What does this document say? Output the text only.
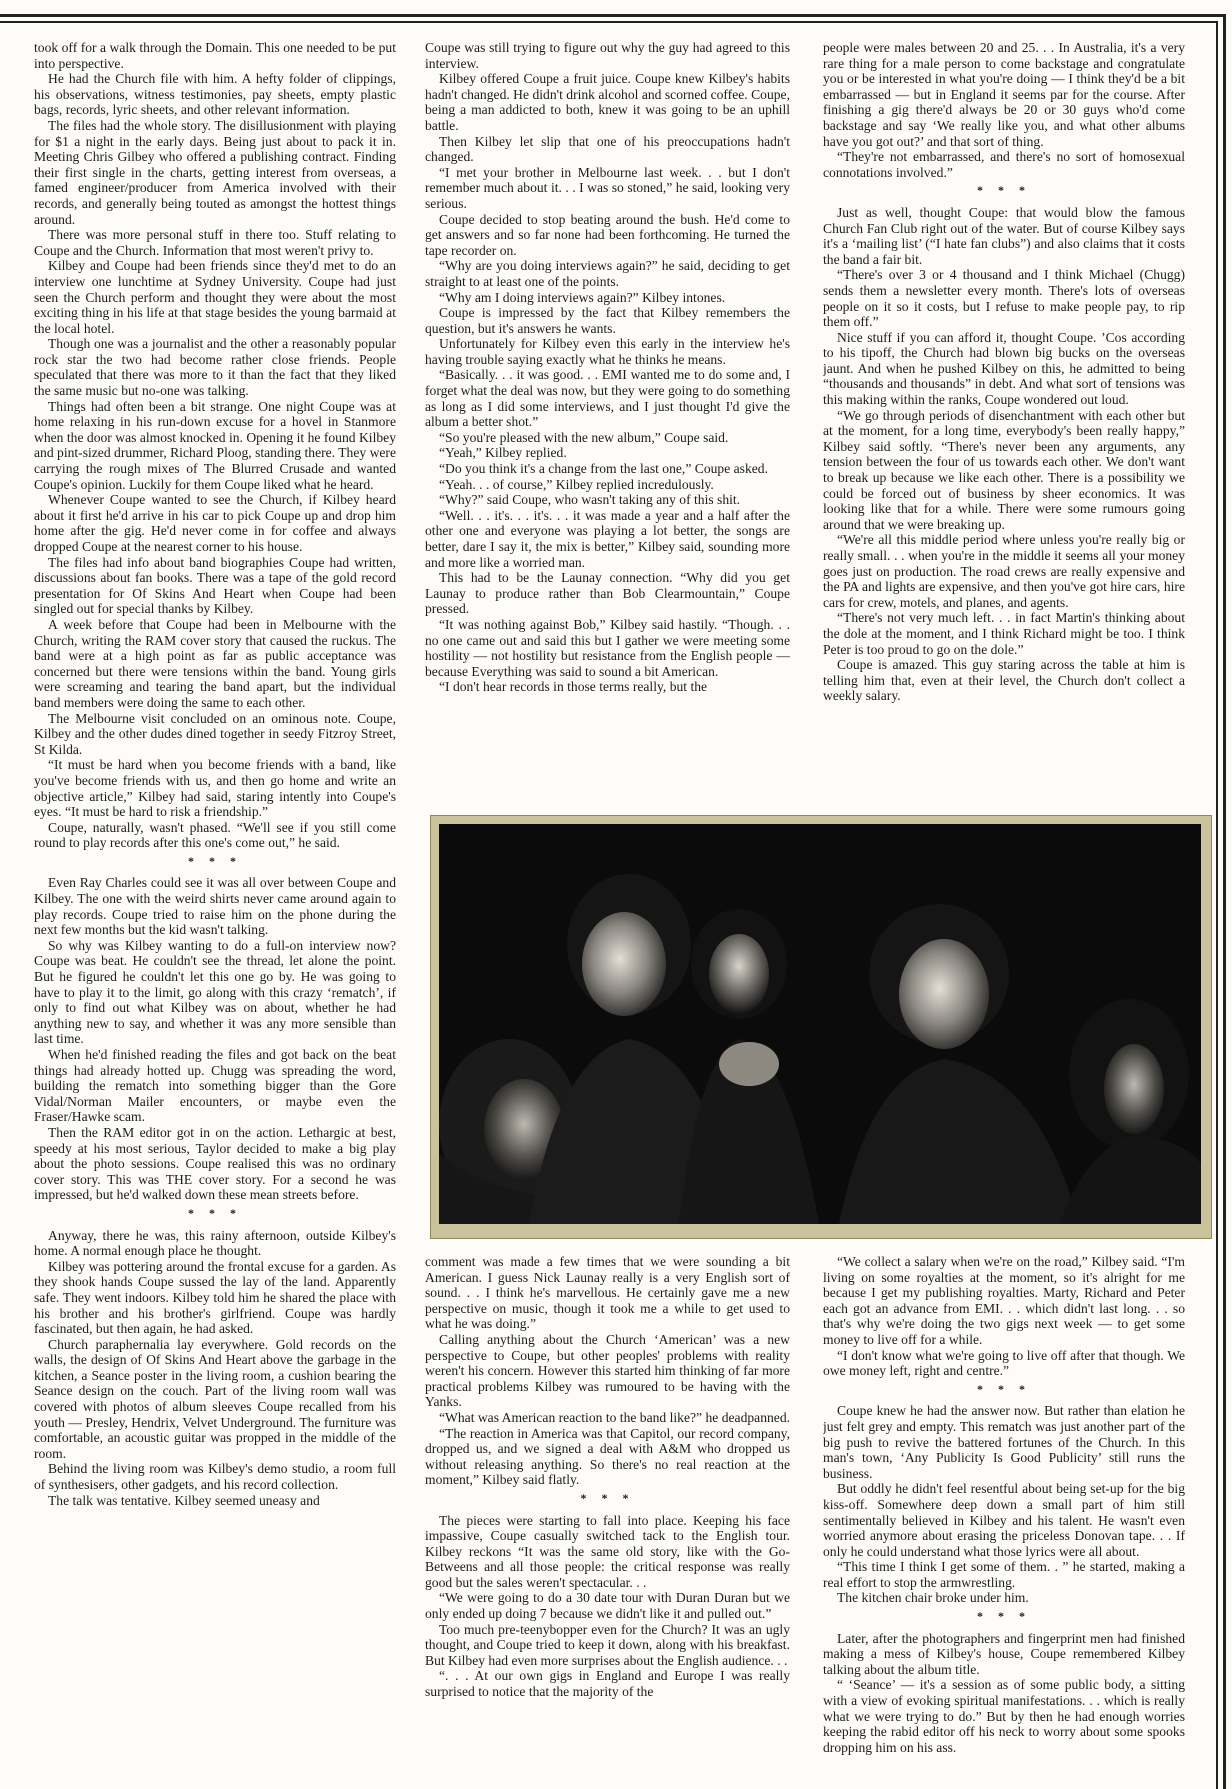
took off for a walk through the Domain. This one needed to be put into perspective.

He had the Church file with him. A hefty folder of clippings, his observations, witness testimonies, pay sheets, empty plastic bags, records, lyric sheets, and other relevant information.

The files had the whole story. The disillusionment with playing for $1 a night in the early days. Being just about to pack it in. Meeting Chris Gilbey who offered a publishing contract. Finding their first single in the charts, getting interest from overseas, a famed engineer/producer from America involved with their records, and generally being touted as amongst the hottest things around.

There was more personal stuff in there too. Stuff relating to Coupe and the Church. Information that most weren't privy to.

Kilbey and Coupe had been friends since they'd met to do an interview one lunchtime at Sydney University. Coupe had just seen the Church perform and thought they were about the most exciting thing in his life at that stage besides the young barmaid at the local hotel.

Though one was a journalist and the other a reasonably popular rock star the two had become rather close friends. People speculated that there was more to it than the fact that they liked the same music but no-one was talking.

Things had often been a bit strange. One night Coupe was at home relaxing in his run-down excuse for a hovel in Stanmore when the door was almost knocked in. Opening it he found Kilbey and pint-sized drummer, Richard Ploog, standing there. They were carrying the rough mixes of The Blurred Crusade and wanted Coupe's opinion. Luckily for them Coupe liked what he heard.

Whenever Coupe wanted to see the Church, if Kilbey heard about it first he'd arrive in his car to pick Coupe up and drop him home after the gig. He'd never come in for coffee and always dropped Coupe at the nearest corner to his house.

The files had info about band biographies Coupe had written, discussions about fan books. There was a tape of the gold record presentation for Of Skins And Heart when Coupe had been singled out for special thanks by Kilbey.

A week before that Coupe had been in Melbourne with the Church, writing the RAM cover story that caused the ruckus. The band were at a high point as far as public acceptance was concerned but there were tensions within the band. Young girls were screaming and tearing the band apart, but the individual band members were doing the same to each other.

The Melbourne visit concluded on an ominous note. Coupe, Kilbey and the other dudes dined together in seedy Fitzroy Street, St Kilda.

“It must be hard when you become friends with a band, like you've become friends with us, and then go home and write an objective article,” Kilbey had said, staring intently into Coupe's eyes. “It must be hard to risk a friendship.”

Coupe, naturally, wasn't phased. “We'll see if you still come round to play records after this one's come out,” he said.

* * *

Even Ray Charles could see it was all over between Coupe and Kilbey. The one with the weird shirts never came around again to play records. Coupe tried to raise him on the phone during the next few months but the kid wasn't talking.

So why was Kilbey wanting to do a full-on interview now? Coupe was beat. He couldn't see the thread, let alone the point. But he figured he couldn't let this one go by. He was going to have to play it to the limit, go along with this crazy ‘rematch’, if only to find out what Kilbey was on about, whether he had anything new to say, and whether it was any more sensible than last time.

When he'd finished reading the files and got back on the beat things had already hotted up. Chugg was spreading the word, building the rematch into something bigger than the Gore Vidal/Norman Mailer encounters, or maybe even the Fraser/Hawke scam.

Then the RAM editor got in on the action. Lethargic at best, speedy at his most serious, Taylor decided to make a big play about the photo sessions. Coupe realised this was no ordinary cover story. This was THE cover story. For a second he was impressed, but he'd walked down these mean streets before.

* * *

Anyway, there he was, this rainy afternoon, outside Kilbey's home. A normal enough place he thought.

Kilbey was pottering around the frontal excuse for a garden. As they shook hands Coupe sussed the lay of the land. Apparently safe. They went indoors. Kilbey told him he shared the place with his brother and his brother's girlfriend. Coupe was hardly fascinated, but then again, he had asked.

Church paraphernalia lay everywhere. Gold records on the walls, the design of Of Skins And Heart above the garbage in the kitchen, a Seance poster in the living room, a cushion bearing the Seance design on the couch. Part of the living room wall was covered with photos of album sleeves Coupe recalled from his youth — Presley, Hendrix, Velvet Underground. The furniture was comfortable, an acoustic guitar was propped in the middle of the room.

Behind the living room was Kilbey's demo studio, a room full of synthesisers, other gadgets, and his record collection.

The talk was tentative. Kilbey seemed uneasy and

Coupe was still trying to figure out why the guy had agreed to this interview.

Kilbey offered Coupe a fruit juice. Coupe knew Kilbey's habits hadn't changed. He didn't drink alcohol and scorned coffee. Coupe, being a man addicted to both, knew it was going to be an uphill battle.

Then Kilbey let slip that one of his preoccupations hadn't changed.

“I met your brother in Melbourne last week. . . but I don't remember much about it. . . I was so stoned,” he said, looking very serious.

Coupe decided to stop beating around the bush. He'd come to get answers and so far none had been forthcoming. He turned the tape recorder on.

“Why are you doing interviews again?” he said, deciding to get straight to at least one of the points.

“Why am I doing interviews again?” Kilbey intones.

Coupe is impressed by the fact that Kilbey remembers the question, but it's answers he wants.

Unfortunately for Kilbey even this early in the interview he's having trouble saying exactly what he thinks he means.

“Basically. . . it was good. . . EMI wanted me to do some and, I forget what the deal was now, but they were going to do something as long as I did some interviews, and I just thought I'd give the album a better shot.”

“So you're pleased with the new album,” Coupe said.

“Yeah,” Kilbey replied.

“Do you think it's a change from the last one,” Coupe asked.

“Yeah. . . of course,” Kilbey replied incredulously.

“Why?” said Coupe, who wasn't taking any of this shit.

“Well. . . it's. . . it's. . . it was made a year and a half after the other one and everyone was playing a lot better, the songs are better, dare I say it, the mix is better,” Kilbey said, sounding more and more like a worried man.

This had to be the Launay connection. “Why did you get Launay to produce rather than Bob Clearmountain,” Coupe pressed.

“It was nothing against Bob,” Kilbey said hastily. “Though. . . no one came out and said this but I gather we were meeting some hostility — not hostility but resistance from the English people — because Everything was said to sound a bit American.

“I don't hear records in those terms really, but the

people were males between 20 and 25. . . In Australia, it's a very rare thing for a male person to come backstage and congratulate you or be interested in what you're doing — I think they'd be a bit embarrassed — but in England it seems par for the course. After finishing a gig there'd always be 20 or 30 guys who'd come backstage and say ‘We really like you, and what other albums have you got out?’ and that sort of thing.

“They're not embarrassed, and there's no sort of homosexual connotations involved.”

* * *

Just as well, thought Coupe: that would blow the famous Church Fan Club right out of the water. But of course Kilbey says it's a ‘mailing list’ (“I hate fan clubs”) and also claims that it costs the band a fair bit.

“There's over 3 or 4 thousand and I think Michael (Chugg) sends them a newsletter every month. There's lots of overseas people on it so it costs, but I refuse to make people pay, to rip them off.”

Nice stuff if you can afford it, thought Coupe. ’Cos according to his tipoff, the Church had blown big bucks on the overseas jaunt. And when he pushed Kilbey on this, he admitted to being “thousands and thousands” in debt. And what sort of tensions was this making within the ranks, Coupe wondered out loud.

“We go through periods of disenchantment with each other but at the moment, for a long time, everybody's been really happy,” Kilbey said softly. “There's never been any arguments, any tension between the four of us towards each other. We don't want to break up because we like each other. There is a possibility we could be forced out of business by sheer economics. It was looking like that for a while. There were some rumours going around that we were breaking up.

“We're all this middle period where unless you're really big or really small. . . when you're in the middle it seems all your money goes just on production. The road crews are really expensive and the PA and lights are expensive, and then you've got hire cars, hire cars for crew, motels, and planes, and agents.

“There's not very much left. . . in fact Martin's thinking about the dole at the moment, and I think Richard might be too. I think Peter is too proud to go on the dole.”

Coupe is amazed. This guy staring across the table at him is telling him that, even at their level, the Church don't collect a weekly salary.

comment was made a few times that we were sounding a bit American. I guess Nick Launay really is a very English sort of sound. . . I think he's marvellous. He certainly gave me a new perspective on music, though it took me a while to get used to what he was doing.”

Calling anything about the Church ‘American’ was a new perspective to Coupe, but other peoples' problems with reality weren't his concern. However this started him thinking of far more practical problems Kilbey was rumoured to be having with the Yanks.

“What was American reaction to the band like?” he deadpanned.

“The reaction in America was that Capitol, our record company, dropped us, and we signed a deal with A&M who dropped us without releasing anything. So there's no real reaction at the moment,” Kilbey said flatly.

* * *

The pieces were starting to fall into place. Keeping his face impassive, Coupe casually switched tack to the English tour. Kilbey reckons “It was the same old story, like with the Go-Betweens and all those people: the critical response was really good but the sales weren't spectacular. . .

“We were going to do a 30 date tour with Duran Duran but we only ended up doing 7 because we didn't like it and pulled out.”

Too much pre-teenybopper even for the Church? It was an ugly thought, and Coupe tried to keep it down, along with his breakfast. But Kilbey had even more surprises about the English audience. . .

“. . . At our own gigs in England and Europe I was really surprised to notice that the majority of the

“We collect a salary when we're on the road,” Kilbey said. “I'm living on some royalties at the moment, so it's alright for me because I get my publishing royalties. Marty, Richard and Peter each got an advance from EMI. . . which didn't last long. . . so that's why we're doing the two gigs next week — to get some money to live off for a while.

“I don't know what we're going to live off after that though. We owe money left, right and centre.”

* * *

Coupe knew he had the answer now. But rather than elation he just felt grey and empty. This rematch was just another part of the big push to revive the battered fortunes of the Church. In this man's town, ‘Any Publicity Is Good Publicity’ still runs the business.

But oddly he didn't feel resentful about being set-up for the big kiss-off. Somewhere deep down a small part of him still sentimentally believed in Kilbey and his talent. He wasn't even worried anymore about erasing the priceless Donovan tape. . . If only he could understand what those lyrics were all about.

“This time I think I get some of them. . ” he started, making a real effort to stop the armwrestling.

The kitchen chair broke under him.

* * *

Later, after the photographers and fingerprint men had finished making a mess of Kilbey's house, Coupe remembered Kilbey talking about the album title.

“ ‘Seance’ — it's a session as of some public body, a sitting with a view of evoking spiritual manifestations. . . which is really what we were trying to do.” But by then he had enough worries keeping the rabid editor off his neck to worry about some spooks dropping him on his ass.
